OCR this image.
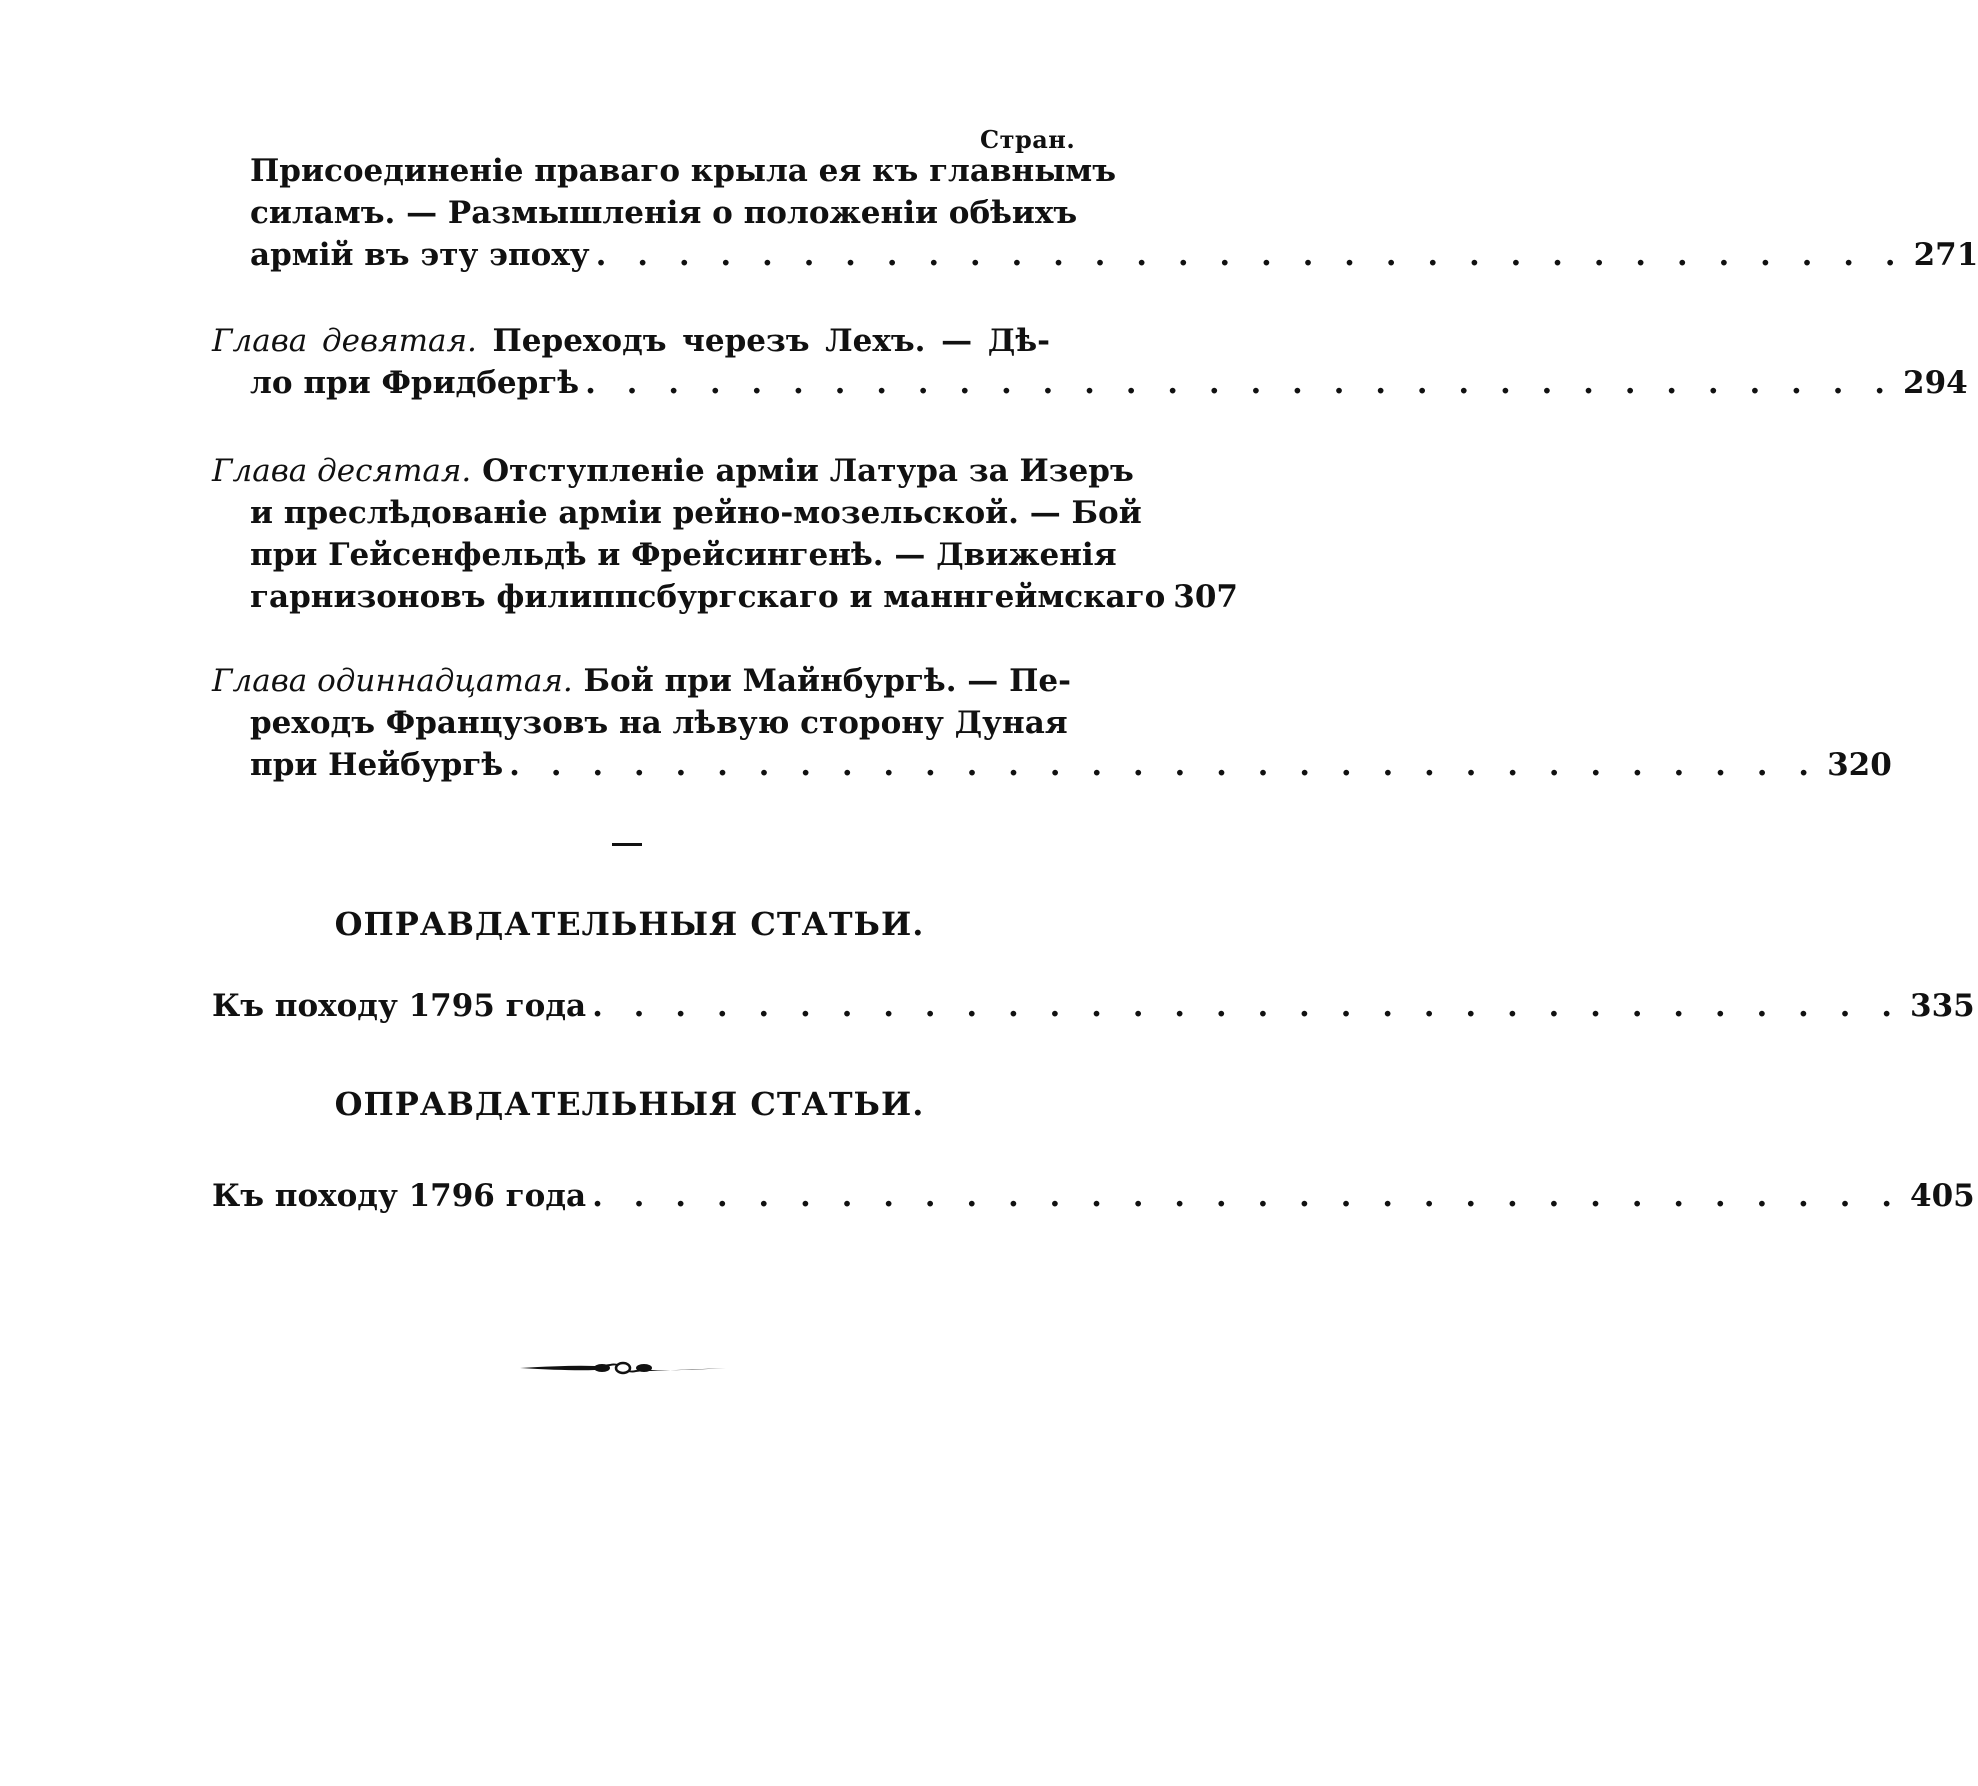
Стран.
Присоединеніе праваго крыла ея къ главнымъ
силамъ. — Размышленія о положеніи обѣихъ
армій въ эту эпоху . . . . . . . . . . . . . . . . . . . . . . . . . . . . . . . . 271
Глава девятая. Переходъ черезъ Лехъ. — Дѣ-
ло при Фридбергѣ . . . . . . . . . . . . . . . . . . . . . . . . . . . . . . . . 294
Глава десятая. Отступленіе арміи Латура за Изеръ
и преслѣдованіе арміи рейно-мозельской. — Бой
при Гейсенфельдѣ и Фрейсингенѣ. — Движенія
гарнизоновъ филиппсбургскаго и маннгеймскаго 307
Глава одиннадцатая. Бой при Майнбургѣ. — Пе-
реходъ Французовъ на лѣвую сторону Дуная
при Нейбургѣ . . . . . . . . . . . . . . . . . . . . . . . . . . . . . . . . 320
ОПРАВДАТЕЛЬНЫЯ СТАТЬИ.
Къ походу 1795 года . . . . . . . . . . . . . . . . . . . . . . . . . . . . . . . . 335
ОПРАВДАТЕЛЬНЫЯ СТАТЬИ.
Къ походу 1796 года . . . . . . . . . . . . . . . . . . . . . . . . . . . . . . . . 405
